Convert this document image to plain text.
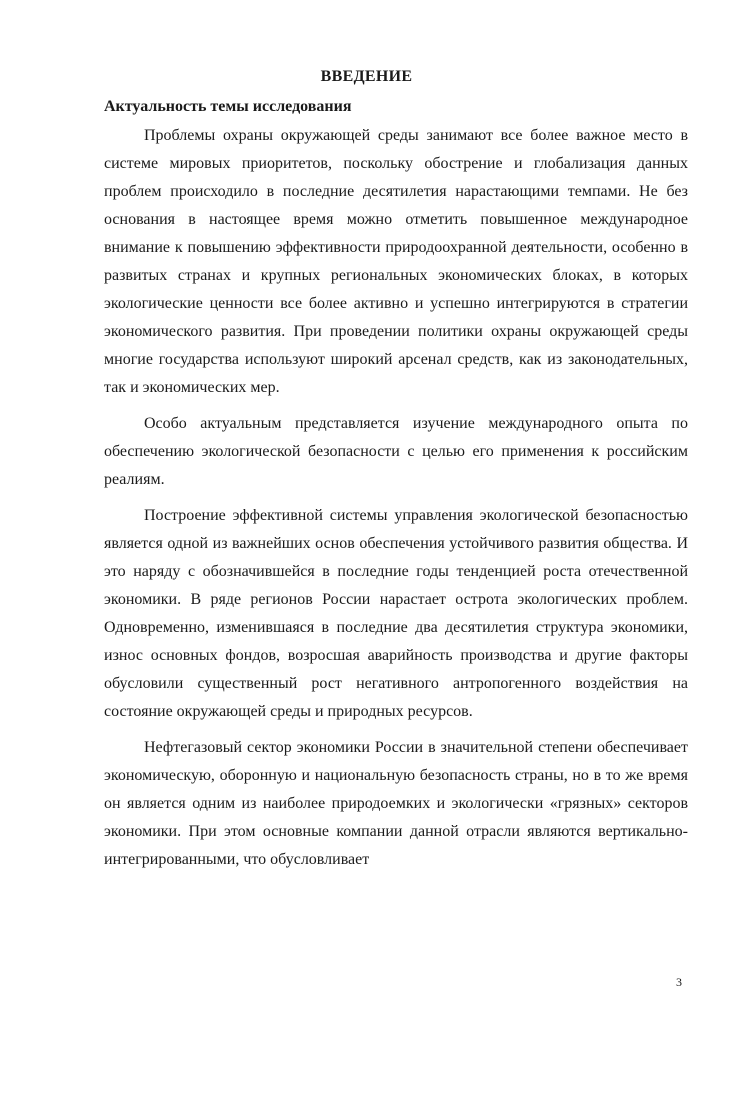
ВВЕДЕНИЕ
Актуальность темы исследования

Проблемы охраны окружающей среды занимают все более важное место в системе мировых приоритетов, поскольку обострение и глобализация данных проблем происходило в последние десятилетия нарастающими темпами. Не без основания в настоящее время можно отметить повышенное международное внимание к повышению эффективности природоохранной деятельности, особенно в развитых странах и крупных региональных экономических блоках, в которых экологические ценности все более активно и успешно интегрируются в стратегии экономического развития. При проведении политики охраны окружающей среды многие государства используют широкий арсенал средств, как из законодательных, так и экономических мер.

Особо актуальным представляется изучение международного опыта по обеспечению экологической безопасности с целью его применения к российским реалиям.

Построение эффективной системы управления экологической безопасностью является одной из важнейших основ обеспечения устойчивого развития общества. И это наряду с обозначившейся в последние годы тенденцией роста отечественной экономики. В ряде регионов России нарастает острота экологических проблем. Одновременно, изменившаяся в последние два десятилетия структура экономики, износ основных фондов, возросшая аварийность производства и другие факторы обусловили существенный рост негативного антропогенного воздействия на состояние окружающей среды и природных ресурсов.

Нефтегазовый сектор экономики России в значительной степени обеспечивает экономическую, оборонную и национальную безопасность страны, но в то же время он является одним из наиболее природоемких и экологически «грязных» секторов экономики. При этом основные компании данной отрасли являются вертикально-интегрированными, что обусловливает

3
